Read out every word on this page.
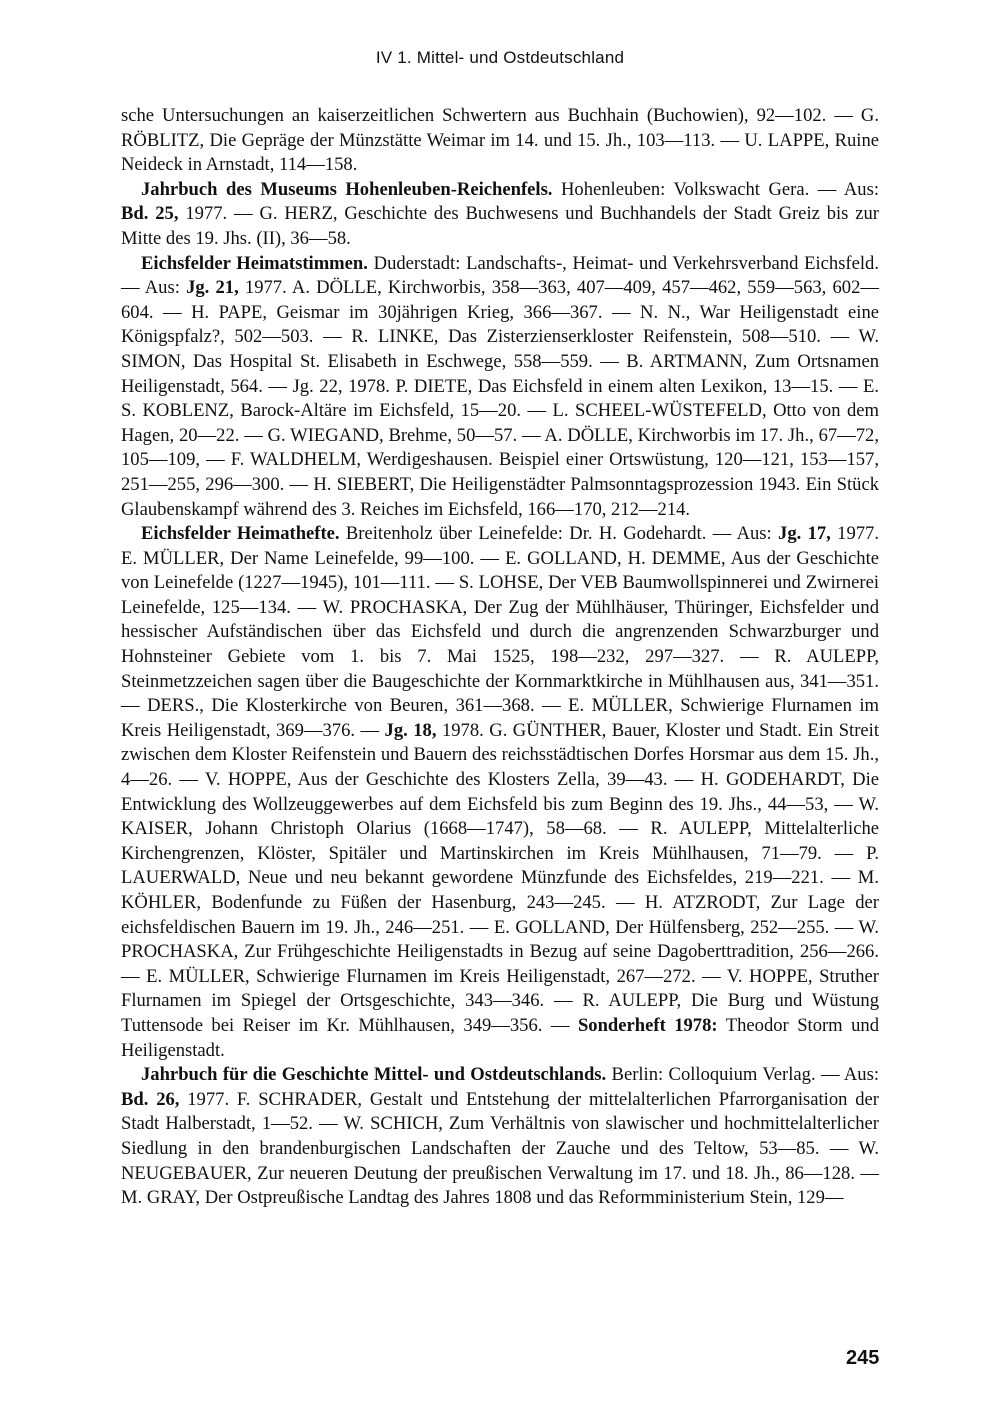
IV 1. Mittel- und Ostdeutschland

sche Untersuchungen an kaiserzeitlichen Schwertern aus Buchhain (Buchowien), 92—102. — G. RÖBLITZ, Die Gepräge der Münzstätte Weimar im 14. und 15. Jh., 103—113. — U. LAPPE, Ruine Neideck in Arnstadt, 114—158.

Jahrbuch des Museums Hohenleuben-Reichenfels. Hohenleuben: Volkswacht Gera. — Aus: Bd. 25, 1977. — G. HERZ, Geschichte des Buchwesens und Buchhandels der Stadt Greiz bis zur Mitte des 19. Jhs. (II), 36—58.

Eichsfelder Heimatstimmen. Duderstadt: Landschafts-, Heimat- und Verkehrsverband Eichsfeld. — Aus: Jg. 21, 1977. A. DÖLLE, Kirchworbis, 358—363, 407—409, 457—462, 559—563, 602—604. — H. PAPE, Geismar im 30jährigen Krieg, 366—367. — N. N., War Heiligenstadt eine Königspfalz?, 502—503. — R. LINKE, Das Zisterzienserkloster Reifenstein, 508—510. — W. SIMON, Das Hospital St. Elisabeth in Eschwege, 558—559. — B. ARTMANN, Zum Ortsnamen Heiligenstadt, 564. — Jg. 22, 1978. P. DIETE, Das Eichsfeld in einem alten Lexikon, 13—15. — E. S. KOBLENZ, Barock-Altäre im Eichsfeld, 15—20. — L. SCHEEL-WÜSTEFELD, Otto von dem Hagen, 20—22. — G. WIEGAND, Brehme, 50—57. — A. DÖLLE, Kirchworbis im 17. Jh., 67—72, 105—109, — F. WALDHELM, Werdigeshausen. Beispiel einer Ortswüstung, 120—121, 153—157, 251—255, 296—300. — H. SIEBERT, Die Heiligenstädter Palmsonntagsprozession 1943. Ein Stück Glaubenskampf während des 3. Reiches im Eichsfeld, 166—170, 212—214.

Eichsfelder Heimathefte. Breitenholz über Leinefelde: Dr. H. Godehardt. — Aus: Jg. 17, 1977. E. MÜLLER, Der Name Leinefelde, 99—100. — E. GOLLAND, H. DEMME, Aus der Geschichte von Leinefelde (1227—1945), 101—111. — S. LOHSE, Der VEB Baumwollspinnerei und Zwirnerei Leinefelde, 125—134. — W. PROCHASKA, Der Zug der Mühlhäuser, Thüringer, Eichsfelder und hessischer Aufständischen über das Eichsfeld und durch die angrenzenden Schwarzburger und Hohnsteiner Gebiete vom 1. bis 7. Mai 1525, 198—232, 297—327. — R. AULEPP, Steinmetzzeichen sagen über die Baugeschichte der Kornmarktkirche in Mühlhausen aus, 341—351. — DERS., Die Klosterkirche von Beuren, 361—368. — E. MÜLLER, Schwierige Flurnamen im Kreis Heiligenstadt, 369—376. — Jg. 18, 1978. G. GÜNTHER, Bauer, Kloster und Stadt. Ein Streit zwischen dem Kloster Reifenstein und Bauern des reichsstädtischen Dorfes Horsmar aus dem 15. Jh., 4—26. — V. HOPPE, Aus der Geschichte des Klosters Zella, 39—43. — H. GODEHARDT, Die Entwicklung des Wollzeuggewerbes auf dem Eichsfeld bis zum Beginn des 19. Jhs., 44—53, — W. KAISER, Johann Christoph Olarius (1668—1747), 58—68. — R. AULEPP, Mittelalterliche Kirchengrenzen, Klöster, Spitäler und Martinskirchen im Kreis Mühlhausen, 71—79. — P. LAUERWALD, Neue und neu bekannt gewordene Münzfunde des Eichsfeldes, 219—221. — M. KÖHLER, Bodenfunde zu Füßen der Hasenburg, 243—245. — H. ATZRODT, Zur Lage der eichsfeldischen Bauern im 19. Jh., 246—251. — E. GOLLAND, Der Hülfensberg, 252—255. — W. PROCHASKA, Zur Frühgeschichte Heiligenstadts in Bezug auf seine Dagoberttradition, 256—266. — E. MÜLLER, Schwierige Flurnamen im Kreis Heiligenstadt, 267—272. — V. HOPPE, Struther Flurnamen im Spiegel der Ortsgeschichte, 343—346. — R. AULEPP, Die Burg und Wüstung Tuttensode bei Reiser im Kr. Mühlhausen, 349—356. — Sonderheft 1978: Theodor Storm und Heiligenstadt.

Jahrbuch für die Geschichte Mittel- und Ostdeutschlands. Berlin: Colloquium Verlag. — Aus: Bd. 26, 1977. F. SCHRADER, Gestalt und Entstehung der mittelalterlichen Pfarrorganisation der Stadt Halberstadt, 1—52. — W. SCHICH, Zum Verhältnis von slawischer und hochmittelalterlicher Siedlung in den brandenburgischen Landschaften der Zauche und des Teltow, 53—85. — W. NEUGEBAUER, Zur neueren Deutung der preußischen Verwaltung im 17. und 18. Jh., 86—128. — M. GRAY, Der Ostpreußische Landtag des Jahres 1808 und das Reformministerium Stein, 129—

245
